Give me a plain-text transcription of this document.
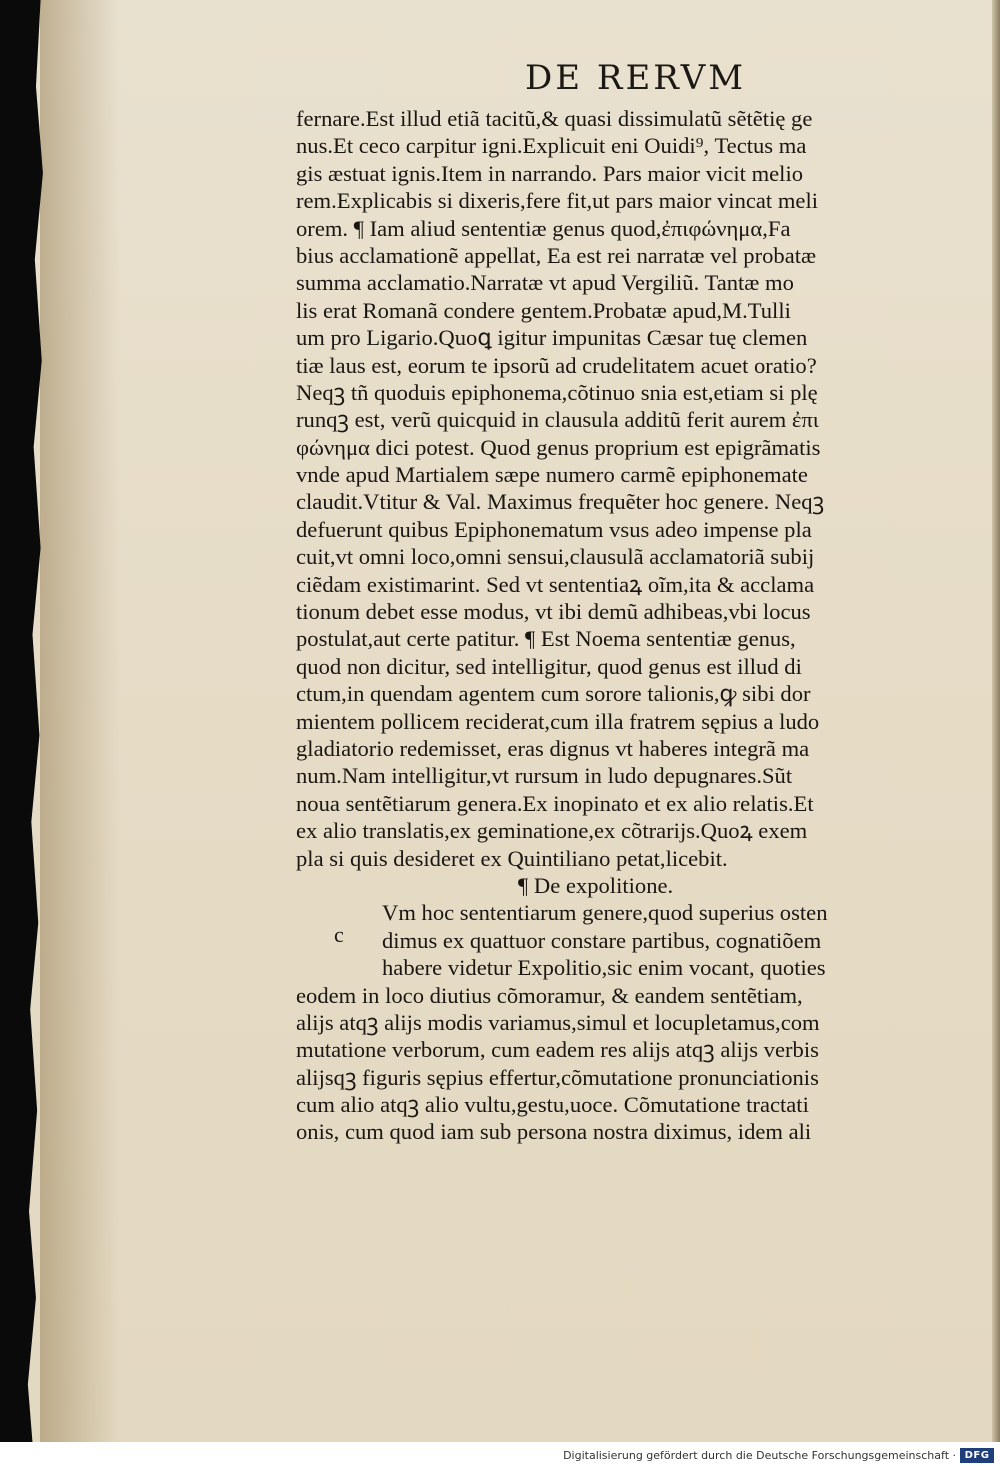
DE RERVM
fernare.Est illud etiã tacitũ,& quasi dissimulatũ sẽtẽtię ge
nus.Et ceco carpitur igni.Explicuit eni Ouidi⁹, Tectus ma
gis æstuat ignis.Item in narrando. Pars maior vicit melio
rem.Explicabis si dixeris,fere fit,ut pars maior vincat meli
orem. ¶ Iam aliud sententiæ genus quod,ἐπιφώνημα,Fa
bius acclamationẽ appellat, Ea est rei narratæ vel probatæ
summa acclamatio.Narratæ vt apud Vergiliũ. Tantæ mo
lis erat Romanã condere gentem.Probatæ apud,M.Tulli
um pro Ligario.Quoꝗ igitur impunitas Cæsar tuę clemen
tiæ laus est, eorum te ipsorũ ad crudelitatem acuet oratio?
Neqꝫ tñ quoduis epiphonema,cõtinuo snia est,etiam si plę
runqꝫ est, verũ quicquid in clausula additũ ferit aurem ἐπι
φώνημα dici potest. Quod genus proprium est epigrãmatis
vnde apud Martialem sæpe numero carmẽ epiphonemate
claudit.Vtitur & Val. Maximus frequẽter hoc genere. Neqꝫ
defuerunt quibus Epiphonematum vsus adeo impense pla
cuit,vt omni loco,omni sensui,clausulã acclamatoriã subij
ciẽdam existimarint. Sed vt sententiaꝝ oĩm,ita & acclama
tionum debet esse modus, vt ibi demũ adhibeas,vbi locus
postulat,aut certe patitur. ¶ Est Noema sententiæ genus,
quod non dicitur, sed intelligitur, quod genus est illud di
ctum,in quendam agentem cum sorore talionis,ꝙ sibi dor
mientem pollicem reciderat,cum illa fratrem sępius a ludo
gladiatorio redemisset, eras dignus vt haberes integrã ma
num.Nam intelligitur,vt rursum in ludo depugnares.Sũt
noua sentẽtiarum genera.Ex inopinato et ex alio relatis.Et
ex alio translatis,ex geminatione,ex cõtrarijs.Quoꝝ exem
pla si quis desideret ex Quintiliano petat,licebit.
¶ De expolitione.
Vm hoc sententiarum genere,quod superius osten
dimus ex quattuor constare partibus, cognatiõem
habere videtur Expolitio,sic enim vocant, quoties
eodem in loco diutius cõmoramur, & eandem sentẽtiam,
alijs atqꝫ alijs modis variamus,simul et locupletamus,com
mutatione verborum, cum eadem res alijs atqꝫ alijs verbis
alijsqꝫ figuris sępius effertur,cõmutatione pronunciationis
cum alio atqꝫ alio vultu,gestu,uoce. Cõmutatione tractati
onis, cum quod iam sub persona nostra diximus, idem ali
c
Digitalisierung gefördert durch die Deutsche Forschungsgemeinschaft · DFG
